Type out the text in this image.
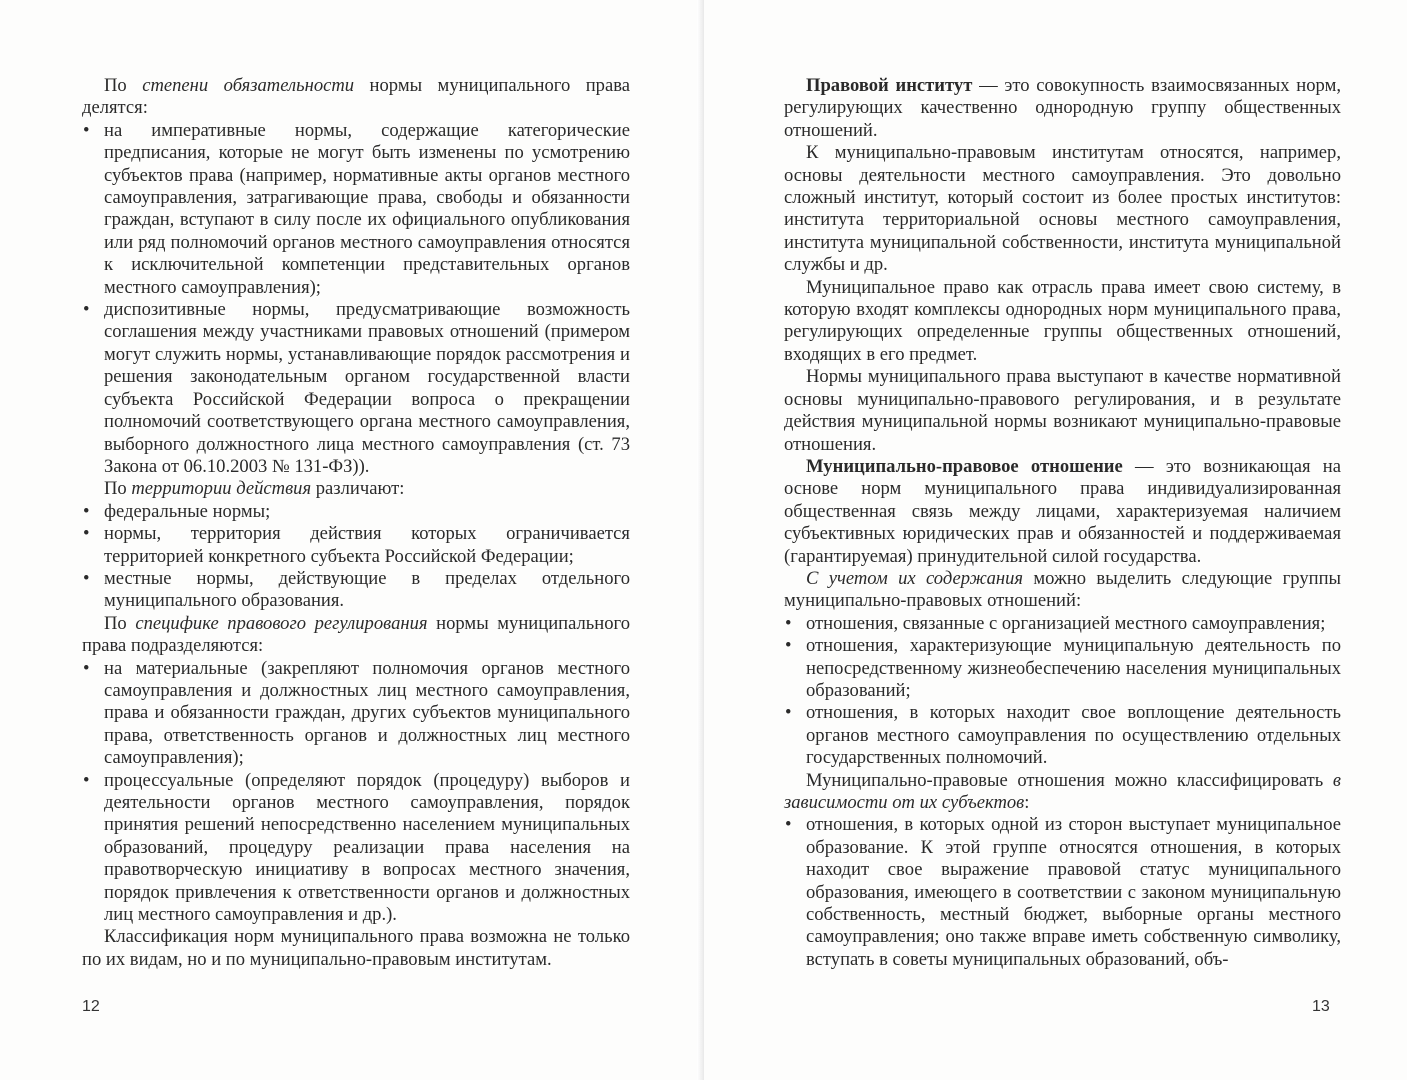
По степени обязательности нормы муниципального права делятся:

• на императивные нормы, содержащие категорические предписания, которые не могут быть изменены по усмотрению субъектов права (например, нормативные акты органов местного самоуправления, затрагивающие права, свободы и обязанности граждан, вступают в силу после их официального опубликования или ряд полномочий органов местного самоуправления относятся к исключительной компетенции представительных органов местного самоуправления);
• диспозитивные нормы, предусматривающие возможность соглашения между участниками правовых отношений (примером могут служить нормы, устанавливающие порядок рассмотрения и решения законодательным органом государственной власти субъекта Российской Федерации вопроса о прекращении полномочий соответствующего органа местного самоуправления, выборного должностного лица местного самоуправления (ст. 73 Закона от 06.10.2003 № 131-ФЗ)).

По территории действия различают:

• федеральные нормы;
• нормы, территория действия которых ограничивается территорией конкретного субъекта Российской Федерации;
• местные нормы, действующие в пределах отдельного муниципального образования.

По специфике правового регулирования нормы муниципального права подразделяются:

• на материальные (закрепляют полномочия органов местного самоуправления и должностных лиц местного самоуправления, права и обязанности граждан, других субъектов муниципального права, ответственность органов и должностных лиц местного самоуправления);
• процессуальные (определяют порядок (процедуру) выборов и деятельности органов местного самоуправления, порядок принятия решений непосредственно населением муниципальных образований, процедуру реализации права населения на правотворческую инициативу в вопросах местного значения, порядок привлечения к ответственности органов и должностных лиц местного самоуправления и др.).

Классификация норм муниципального права возможна не только по их видам, но и по муниципально-правовым институтам.

12

Правовой институт — это совокупность взаимосвязанных норм, регулирующих качественно однородную группу общественных отношений.

К муниципально-правовым институтам относятся, например, основы деятельности местного самоуправления. Это довольно сложный институт, который состоит из более простых институтов: института территориальной основы местного самоуправления, института муниципальной собственности, института муниципальной службы и др.

Муниципальное право как отрасль права имеет свою систему, в которую входят комплексы однородных норм муниципального права, регулирующих определенные группы общественных отношений, входящих в его предмет.

Нормы муниципального права выступают в качестве нормативной основы муниципально-правового регулирования, и в результате действия муниципальной нормы возникают муниципально-правовые отношения.

Муниципально-правовое отношение — это возникающая на основе норм муниципального права индивидуализированная общественная связь между лицами, характеризуемая наличием субъективных юридических прав и обязанностей и поддерживаемая (гарантируемая) принудительной силой государства.

С учетом их содержания можно выделить следующие группы муниципально-правовых отношений:

• отношения, связанные с организацией местного самоуправления;
• отношения, характеризующие муниципальную деятельность по непосредственному жизнеобеспечению населения муниципальных образований;
• отношения, в которых находит свое воплощение деятельность органов местного самоуправления по осуществлению отдельных государственных полномочий.

Муниципально-правовые отношения можно классифицировать в зависимости от их субъектов:

• отношения, в которых одной из сторон выступает муниципальное образование. К этой группе относятся отношения, в которых находит свое выражение правовой статус муниципального образования, имеющего в соответствии с законом муниципальную собственность, местный бюджет, выборные органы местного самоуправления; оно также вправе иметь собственную символику, вступать в советы муниципальных образований, объ-
13
